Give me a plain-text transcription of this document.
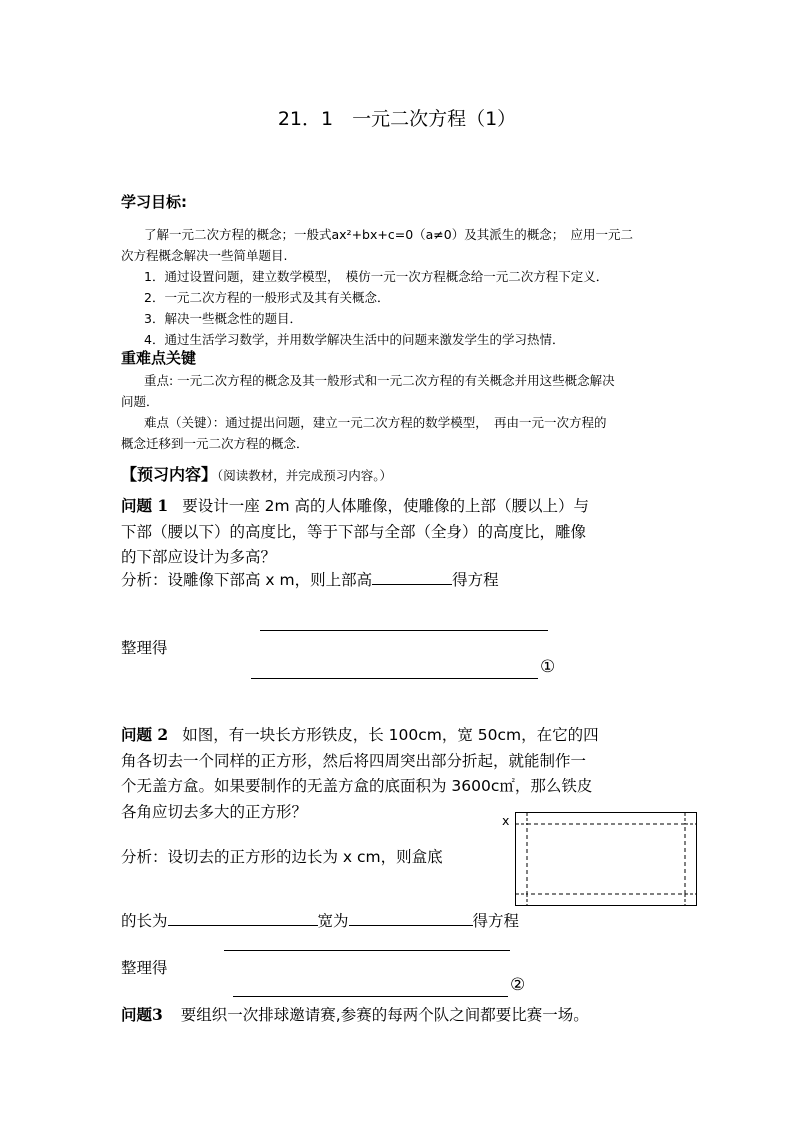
21．1　一元二次方程（1）
学习目标:
了解一元二次方程的概念；一般式ax²+bx+c=0（a≠0）及其派生的概念；　应用一元二
次方程概念解决一些简单题目.
1．通过设置问题，建立数学模型，　模仿一元一次方程概念给一元二次方程下定义．
2．一元二次方程的一般形式及其有关概念．
3．解决一些概念性的题目．
4．通过生活学习数学，并用数学解决生活中的问题来激发学生的学习热情．
重难点关键
重点: 一元二次方程的概念及其一般形式和一元二次方程的有关概念并用这些概念解决
问题．
难点（关键）：通过提出问题，建立一元二次方程的数学模型，　再由一元一次方程的
概念迁移到一元二次方程的概念．
【预习内容】（阅读教材，并完成预习内容。）
问题 1 要设计一座 2m 高的人体雕像，使雕像的上部（腰以上）与
下部（腰以下）的高度比，等于下部与全部（全身）的高度比，雕像
的下部应设计为多高？
分析：设雕像下部高 x m，则上部高	得方程
整理得
①
问题 2 如图，有一块长方形铁皮，长 100cm，宽 50cm，在它的四
角各切去一个同样的正方形，然后将四周突出部分折起，就能制作一
个无盖方盒。如果要制作的无盖方盒的底面积为 3600c㎡，那么铁皮
各角应切去多大的正方形？	x
分析：设切去的正方形的边长为 x cm，则盒底
的长为	宽为	得方程
整理得
②
问题3 要组织一次排球邀请赛,参赛的每两个队之间都要比赛一场。
